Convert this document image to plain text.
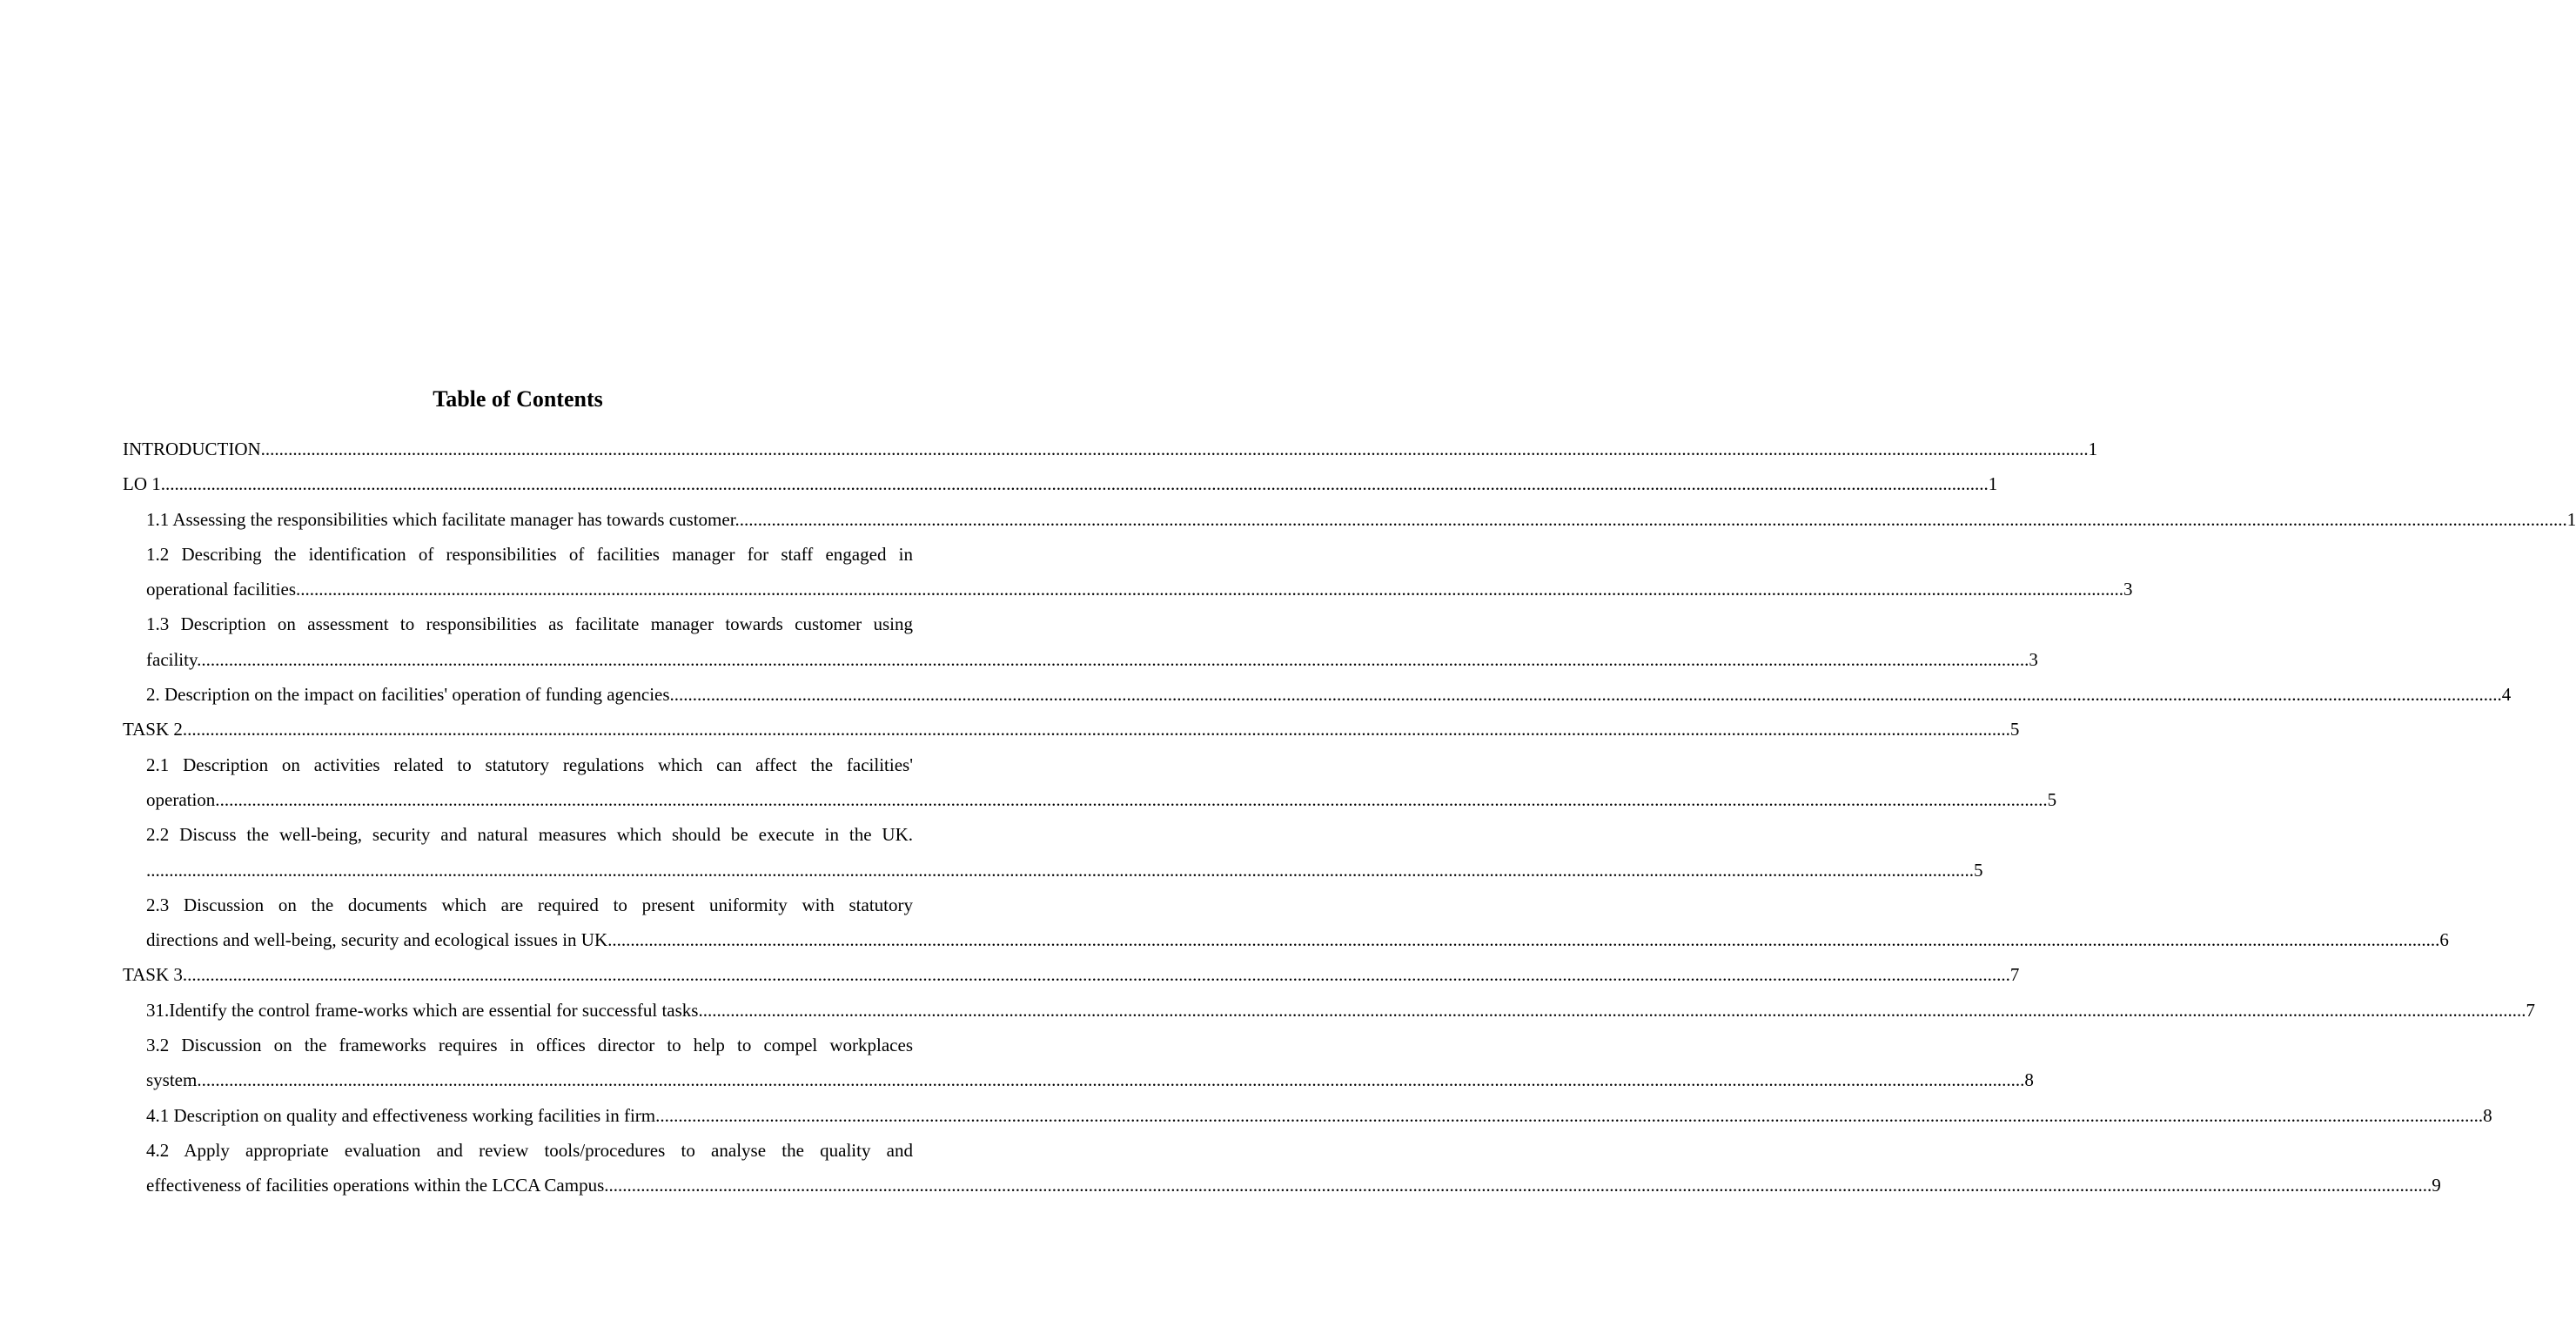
Table of Contents
INTRODUCTION ................................................................................................................................................................................................................................................................................................................................................................................................................ 1
LO 1 ................................................................................................................................................................................................................................................................................................................................................................................................................ 1
1.1 Assessing the responsibilities which facilitate manager has towards customer. ................................................................................................................................................................................................................................................................................................................................................................................................................ 1
1.2 Describing the identification of responsibilities of facilities manager for staff engaged in
operational facilities ................................................................................................................................................................................................................................................................................................................................................................................................................ 3
1.3 Description on assessment to responsibilities as facilitate manager towards customer using
facility. ................................................................................................................................................................................................................................................................................................................................................................................................................ 3
2. Description on the impact on facilities' operation of funding agencies. ................................................................................................................................................................................................................................................................................................................................................................................................................ 4
TASK 2 ................................................................................................................................................................................................................................................................................................................................................................................................................ 5
2.1 Description on activities related to statutory regulations which can affect the facilities'
operation. ................................................................................................................................................................................................................................................................................................................................................................................................................ 5
2.2 Discuss the well-being, security and natural measures which should be execute in the UK.
................................................................................................................................................................................................................................................................................................................................................................................................................ 5
2.3 Discussion on the documents which are required to present uniformity with statutory
directions and well-being, security and ecological issues in UK. ................................................................................................................................................................................................................................................................................................................................................................................................................ 6
TASK 3 ................................................................................................................................................................................................................................................................................................................................................................................................................ 7
31.Identify the control frame-works which are essential for successful tasks ................................................................................................................................................................................................................................................................................................................................................................................................................ 7
3.2 Discussion on the frameworks requires in offices director to help to compel workplaces
system ................................................................................................................................................................................................................................................................................................................................................................................................................ 8
4.1 Description on quality and effectiveness working facilities in firm ................................................................................................................................................................................................................................................................................................................................................................................................................ 8
4.2 Apply appropriate evaluation and review tools/procedures to analyse the quality and
effectiveness of facilities operations within the LCCA Campus ................................................................................................................................................................................................................................................................................................................................................................................................................ 9
